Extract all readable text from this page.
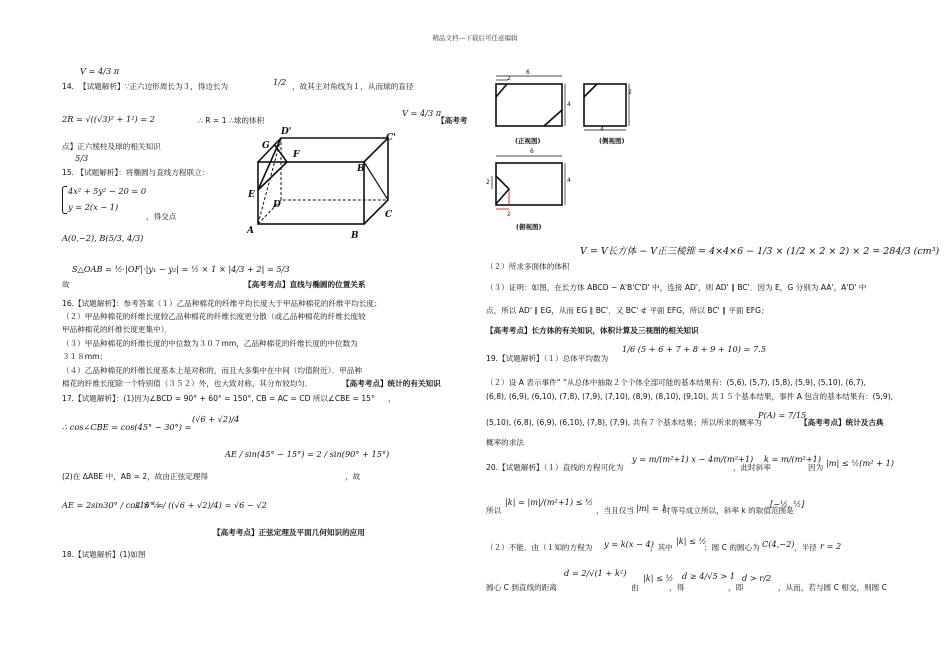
精品文档---下载后可任意编辑
V = 4/3 π
14. 【试题解析】∵正六边形周长为３，得边长为	1/2 ，故其主对角线为１，从而球的直径
2R = √((√3)² + 1²) = 2	∴ R = 1 ∴球的体积
V = 4/3 π
【高考考
点】正六棱柱及球的相关知识
5/3
15. 【试题解析】：将椭圆与直线方程联立：
4x² + 5y² − 20 = 0
y = 2(x − 1)
，得交点
A(0,−2), B(5/3, 4/3)
S△OAB = ½·|OF|·|y₁ − y₂| = ½ × 1 × |4/3 + 2| = 5/3
故	【高考考点】直线与椭圆的位置关系
16.【试题解析】：参考答案（１）乙品种棉花的纤维平均长度大于甲品种棉花的纤维平均长度；
（２）甲品种棉花的纤维长度较乙品种棉花的纤维长度更分散（或乙品种棉花的纤维长度较
甲品种棉花的纤维长度更集中）．
（３）甲品种棉花的纤维长度的中位数为３０７mm，乙品种棉花的纤维长度的中位数为
３１８mm；
（４）乙品种棉花的纤维长度基本上是对称的，而且大多集中在中间（均值附近）．甲品种
棉花的纤维长度除一个特别值（３５２）外，也大致对称，其分布较均匀．	【高考考点】统计的有关知识
17.【试题解析】：(1)因为∠BCD = 90° + 60° = 150°, CB = AC = CD 所以∠CBE = 15° ，
∴ cos∠CBE = cos(45° − 30°) =
(√6 + √2)/4
AE / sin(45° − 15°) = 2 / sin(90° + 15°)
(2)在 ΔABE 中，AB = 2，故由正弦定理得	，故
AE = 2sin30° / cos15° =
2 × ½ / ((√6 + √2)/4) = √6 − √2
【高考考点】正弦定理及平面几何知识的应用
18.【试题解析】(1)如图
D'
C'
G
F
B'
E
D
C
A	B
6
2
4
2
4
6
4
2
2
(正视图)	(侧视图)
(俯视图)
V = V长方体 − V正三棱锥 = 4×4×6 − 1/3 × (1/2 × 2 × 2) × 2 = 284/3 (cm³)
（２）所求多面体的体积
（３）证明：如图，在长方体 ABCD − A'B'C'D' 中，连接 AD'，则 AD' ∥ BC'．因为 E，G 分别为 AA'，A'D' 中
点，所以 AD' ∥ EG，从而 EG ∥ BC'．又 BC' ⊄ 平面 EFG，所以 BC' ∥ 平面 EFG；
【高考考点】长方体的有关知识，体积计算及三视图的相关知识
19.【试题解析】（１）总体平均数为
1/6 (5 + 6 + 7 + 8 + 9 + 10) = 7.5
（２）设 A 表示事件“ ”从总体中抽取２个个体全部可能的基本结果有：(5,6), (5,7), (5,8), (5,9), (5,10), (6,7),
(6,8), (6,9), (6,10), (7,8), (7,9), (7,10), (8,9), (8,10), (9,10), 共１５个基本结果，事件 A 包含的基本结果有：(5,9),
(5,10), (6,8), (6,9), (6,10), (7,8), (7,9), 共有７个基本结果；所以所求的概率为
P(A) = 7/15
【高考考点】统计及古典
概率的求法
20.【试题解析】（１）直线的方程可化为
y = m/(m²+1) x − 4m/(m²+1)
，此时斜率
k = m/(m²+1)
因为 |m| ≤ ½(m² + 1)
所以
|k| = |m|/(m²+1) ≤ ½
，当且仅当 |m| = 1
时等号成立所以，斜率 k 的取值范围是
[−½, ½]
（２）不能．由（１知的方程为 y = k(x − 4)
，其中
|k| ≤ ½
；圆 C 的圆心为 C(4,−2) ，半径 r = 2
圆心 C 到直线的距离
d = 2/√(1 + k²)
由
|k| ≤ ½
，得
d ≥ 4/√5 > 1
，即
d > r/2
，从而，若与圆 C 相交，则圆 C
